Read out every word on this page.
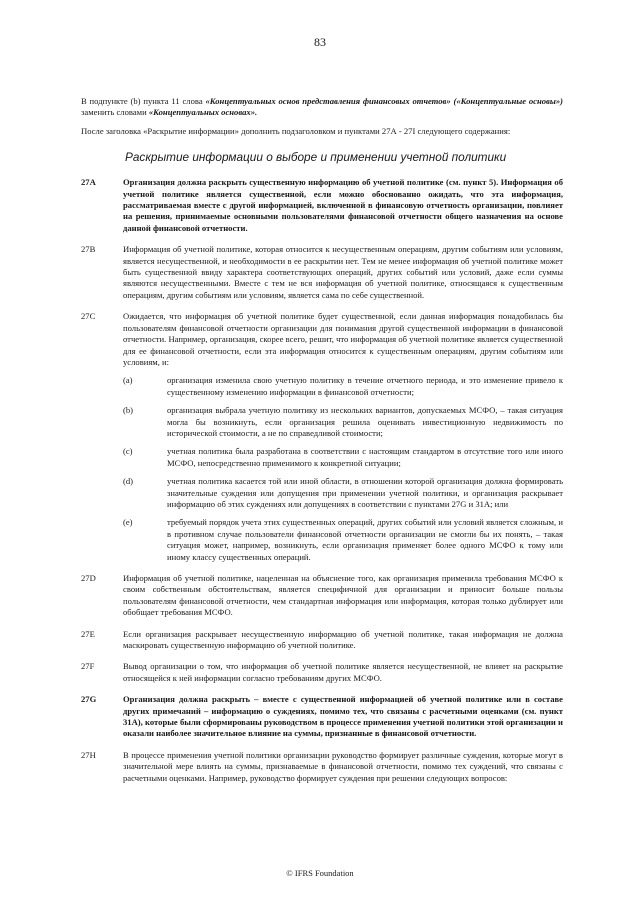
83

В подпункте (b) пункта 11 слова «Концептуальных основ представления финансовых отчетов» («Концептуальные основы») заменить словами «Концептуальных основах».

После заголовка «Раскрытие информации» дополнить подзаголовком и пунктами 27А - 27I следующего содержания:

Раскрытие информации о выборе и применении учетной политики
27A	Организация должна раскрыть существенную информацию об учетной политике (см. пункт 5). Информация об учетной политике является существенной, если можно обоснованно ожидать, что эта информация, рассматриваемая вместе с другой информацией, включенной в финансовую отчетность организации, повлияет на решения, принимаемые основными пользователями финансовой отчетности общего назначения на основе данной финансовой отчетности.
27B	Информация об учетной политике, которая относится к несущественным операциям, другим событиям или условиям, является несущественной, и необходимости в ее раскрытии нет. Тем не менее информация об учетной политике может быть существенной ввиду характера соответствующих операций, других событий или условий, даже если суммы являются несущественными. Вместе с тем не вся информация об учетной политике, относящаяся к существенным операциям, другим событиям или условиям, является сама по себе существенной.
27C	Ожидается, что информация об учетной политике будет существенной, если данная информация понадобилась бы пользователям финансовой отчетности организации для понимания другой существенной информации в финансовой отчетности. Например, организация, скорее всего, решит, что информация об учетной политике является существенной для ее финансовой отчетности, если эта информация относится к существенным операциям, другим событиям или условиям, и:

(a)	организация изменила свою учетную политику в течение отчетного периода, и это изменение привело к существенному изменению информации в финансовой отчетности;
(b)	организация выбрала учетную политику из нескольких вариантов, допускаемых МСФО, – такая ситуация могла бы возникнуть, если организация решила оценивать инвестиционную недвижимость по исторической стоимости, а не по справедливой стоимости;
(c)	учетная политика была разработана в соответствии с настоящим стандартом в отсутствие того или иного МСФО, непосредственно применимого к конкретной ситуации;
(d)	учетная политика касается той или иной области, в отношении которой организация должна формировать значительные суждения или допущения при применении учетной политики, и организация раскрывает информацию об этих суждениях или допущениях в соответствии с пунктами 27G и 31A; или
(e)	требуемый порядок учета этих существенных операций, других событий или условий является сложным, и в противном случае пользователи финансовой отчетности организации не смогли бы их понять, – такая ситуация может, например, возникнуть, если организация применяет более одного МСФО к тому или иному классу существенных операций.
27D	Информация об учетной политике, нацеленная на объяснение того, как организация применила требования МСФО к своим собственным обстоятельствам, является специфичной для организации и приносит больше пользы пользователям финансовой отчетности, чем стандартная информация или информация, которая только дублирует или обобщает требования МСФО.
27E	Если организация раскрывает несущественную информацию об учетной политике, такая информация не должна маскировать существенную информацию об учетной политике.
27F	Вывод организации о том, что информация об учетной политике является несущественной, не влияет на раскрытие относящейся к ней информации согласно требованиям других МСФО.
27G	Организация должна раскрыть – вместе с существенной информацией об учетной политике или в составе других примечаний – информацию о суждениях, помимо тех, что связаны с расчетными оценками (см. пункт 31A), которые были сформированы руководством в процессе применения учетной политики этой организации и оказали наиболее значительное влияние на суммы, признанные в финансовой отчетности.
27H	В процессе применения учетной политики организации руководство формирует различные суждения, которые могут в значительной мере влиять на суммы, признаваемые в финансовой отчетности, помимо тех суждений, что связаны с расчетными оценками. Например, руководство формирует суждения при решении следующих вопросов:
© IFRS Foundation
